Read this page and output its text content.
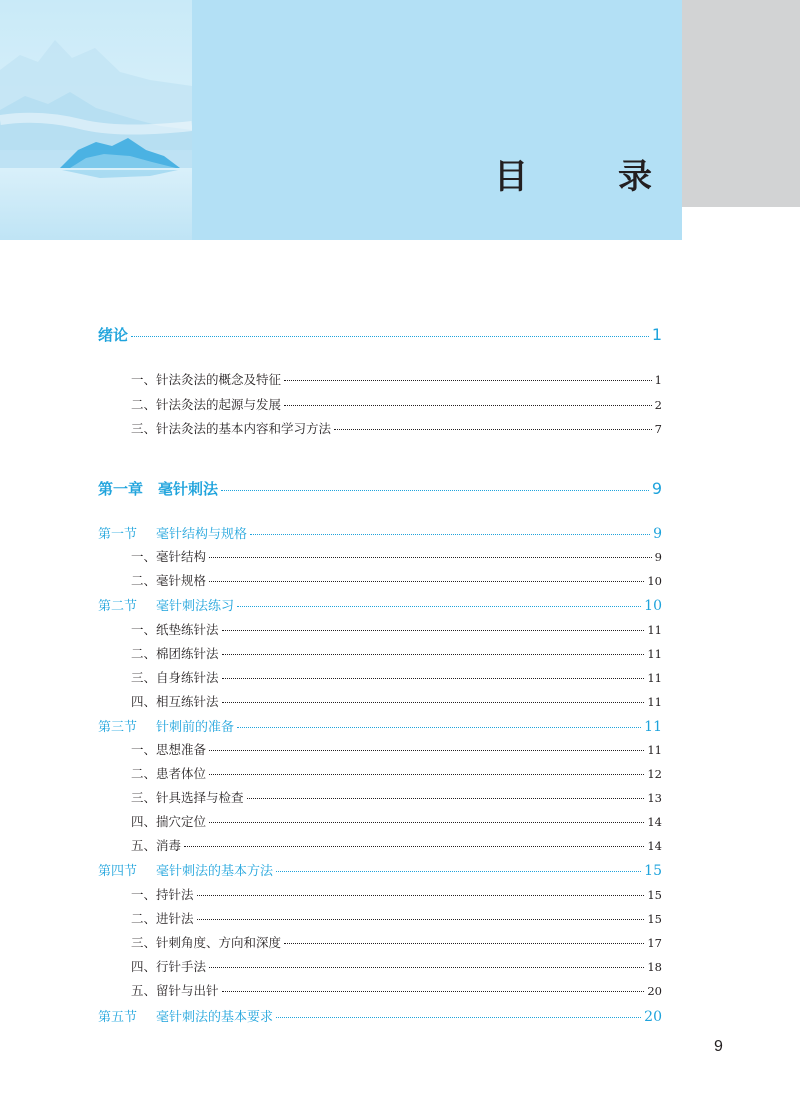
目　录
绪论	1
一、针法灸法的概念及特征	1
二、针法灸法的起源与发展	2
三、针法灸法的基本内容和学习方法	7
第一章　毫针刺法	9
第一节 毫针结构与规格	9
一、毫针结构	9
二、毫针规格	10
第二节 毫针刺法练习	10
一、纸垫练针法	11
二、棉团练针法	11
三、自身练针法	11
四、相互练针法	11
第三节 针刺前的准备	11
一、思想准备	11
二、患者体位	12
三、针具选择与检查	13
四、揣穴定位	14
五、消毒	14
第四节 毫针刺法的基本方法	15
一、持针法	15
二、进针法	15
三、针刺角度、方向和深度	17
四、行针手法	18
五、留针与出针	20
第五节 毫针刺法的基本要求	20
9
